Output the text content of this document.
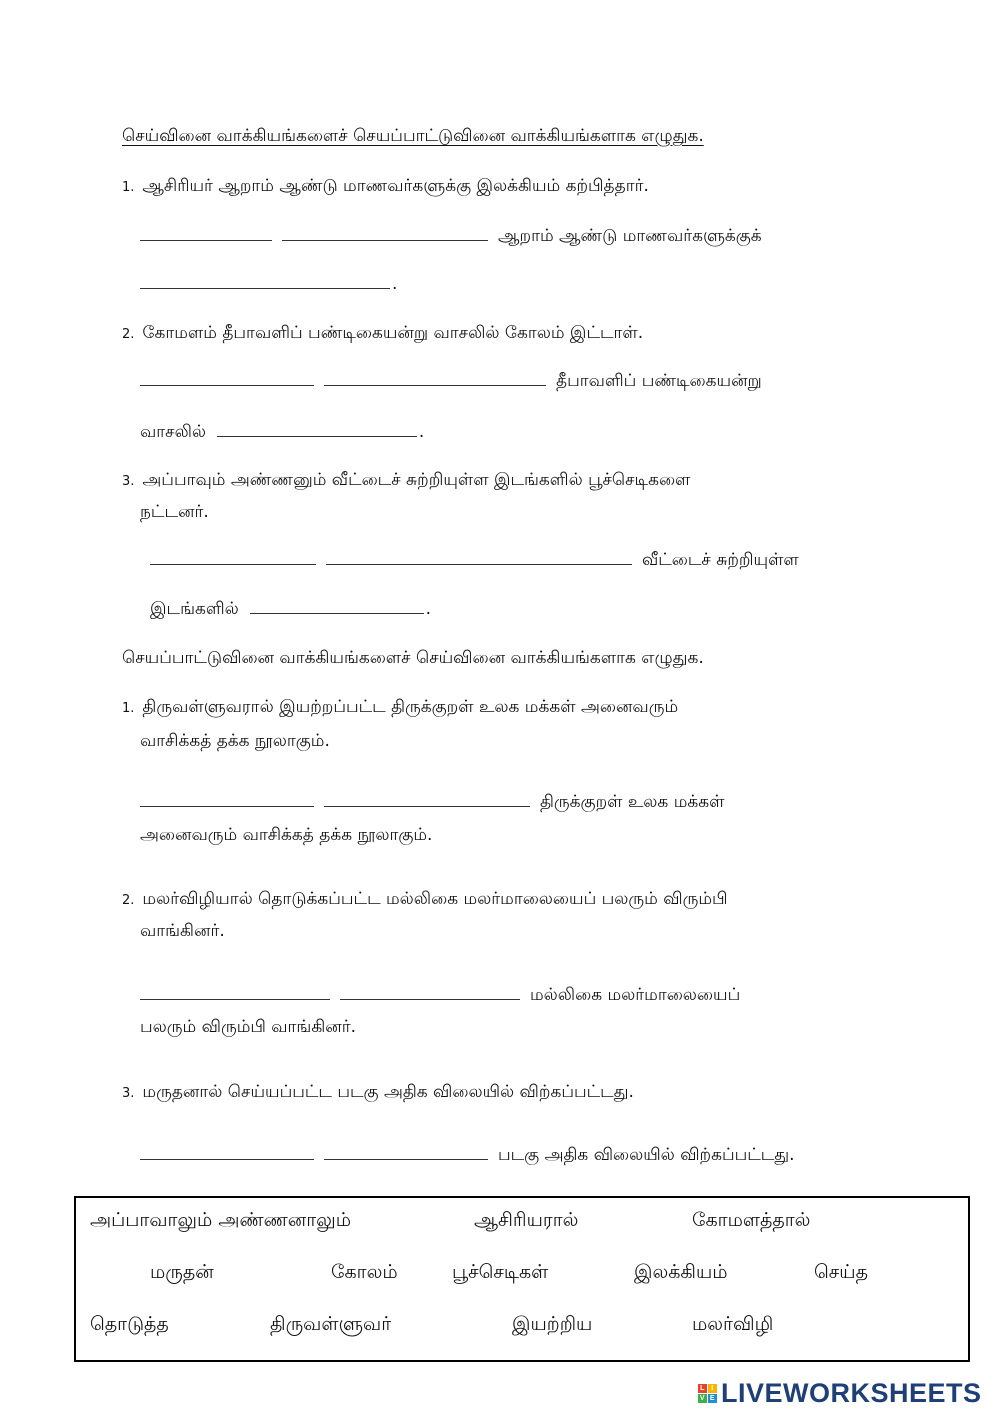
செய்வினை வாக்கியங்களைச் செயப்பாட்டுவினை வாக்கியங்களாக எழுதுக.
1. ஆசிரியர் ஆறாம் ஆண்டு மாணவர்களுக்கு இலக்கியம் கற்பித்தார்.
ஆறாம் ஆண்டு மாணவர்களுக்குக்
.
2. கோமளம் தீபாவளிப் பண்டிகையன்று வாசலில் கோலம் இட்டாள்.
தீபாவளிப் பண்டிகையன்று
வாசலில்	.
3. அப்பாவும் அண்ணனும் வீட்டைச் சுற்றியுள்ள இடங்களில் பூச்செடிகளை
நட்டனர்.
வீட்டைச் சுற்றியுள்ள
இடங்களில்	.
செயப்பாட்டுவினை வாக்கியங்களைச் செய்வினை வாக்கியங்களாக எழுதுக.
1. திருவள்ளுவரால் இயற்றப்பட்ட திருக்குறள் உலக மக்கள் அனைவரும்
வாசிக்கத் தக்க நூலாகும்.
திருக்குறள் உலக மக்கள்
அனைவரும் வாசிக்கத் தக்க நூலாகும்.
2. மலர்விழியால் தொடுக்கப்பட்ட மல்லிகை மலர்மாலையைப் பலரும் விரும்பி
வாங்கினர்.
மல்லிகை மலர்மாலையைப்
பலரும் விரும்பி வாங்கினர்.
3. மருதனால் செய்யப்பட்ட படகு அதிக விலையில் விற்கப்பட்டது.
படகு அதிக விலையில் விற்கப்பட்டது.
அப்பாவாலும் அண்ணனாலும்	ஆசிரியரால்	கோமளத்தால்
மருதன்	கோலம்	பூச்செடிகள்	இலக்கியம்	செய்த
தொடுத்த	திருவள்ளுவர்	இயற்றிய	மலர்விழி
L I
V E LIVEWORKSHEETS
